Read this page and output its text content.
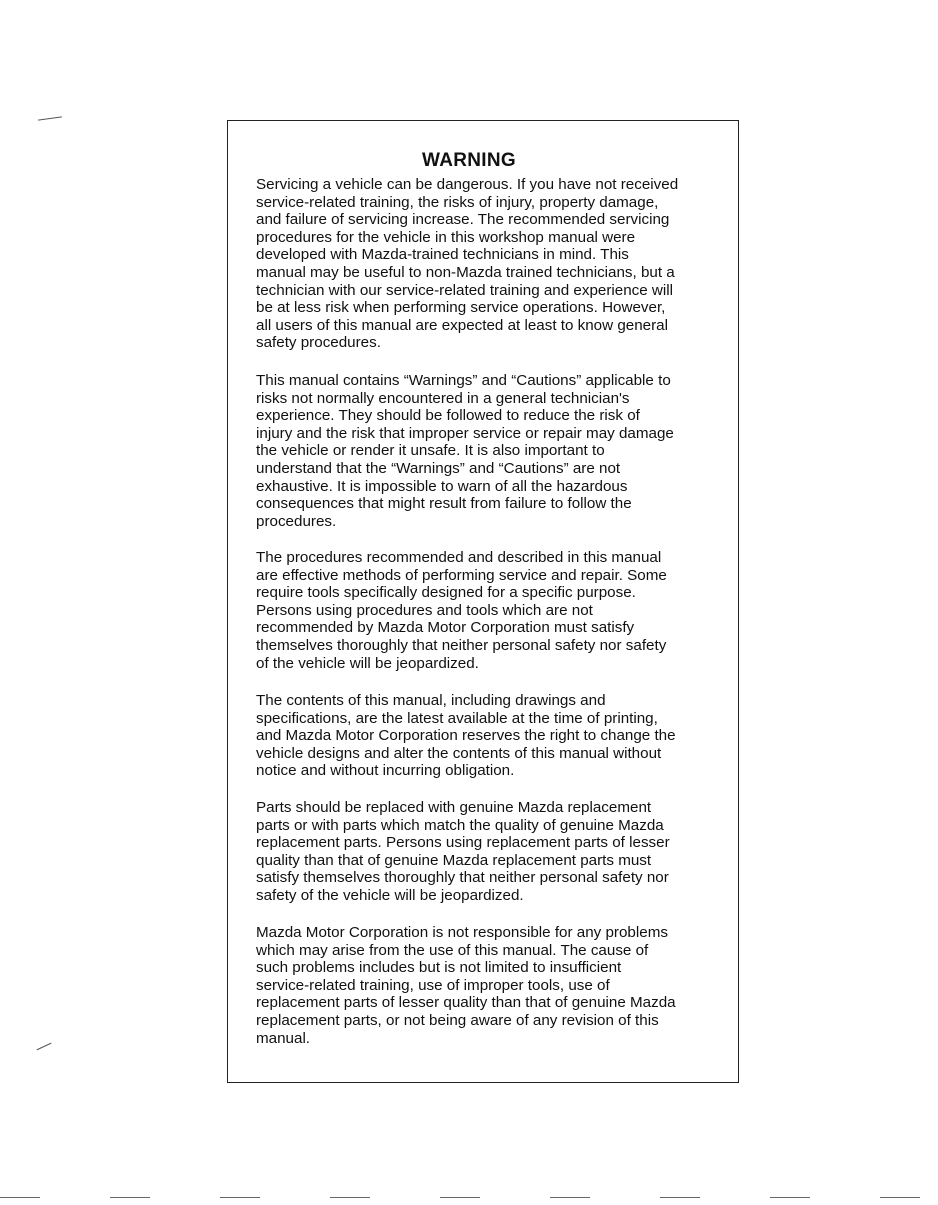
WARNING
Servicing a vehicle can be dangerous. If you have not received
service-related training, the risks of injury, property damage,
and failure of servicing increase. The recommended servicing
procedures for the vehicle in this workshop manual were
developed with Mazda-trained technicians in mind. This
manual may be useful to non-Mazda trained technicians, but a
technician with our service-related training and experience will
be at less risk when performing service operations. However,
all users of this manual are expected at least to know general
safety procedures.
This manual contains “Warnings” and “Cautions” applicable to
risks not normally encountered in a general technician's
experience. They should be followed to reduce the risk of
injury and the risk that improper service or repair may damage
the vehicle or render it unsafe. It is also important to
understand that the “Warnings” and “Cautions” are not
exhaustive. It is impossible to warn of all the hazardous
consequences that might result from failure to follow the
procedures.
The procedures recommended and described in this manual
are effective methods of performing service and repair. Some
require tools specifically designed for a specific purpose.
Persons using procedures and tools which are not
recommended by Mazda Motor Corporation must satisfy
themselves thoroughly that neither personal safety nor safety
of the vehicle will be jeopardized.
The contents of this manual, including drawings and
specifications, are the latest available at the time of printing,
and Mazda Motor Corporation reserves the right to change the
vehicle designs and alter the contents of this manual without
notice and without incurring obligation.
Parts should be replaced with genuine Mazda replacement
parts or with parts which match the quality of genuine Mazda
replacement parts. Persons using replacement parts of lesser
quality than that of genuine Mazda replacement parts must
satisfy themselves thoroughly that neither personal safety nor
safety of the vehicle will be jeopardized.
Mazda Motor Corporation is not responsible for any problems
which may arise from the use of this manual. The cause of
such problems includes but is not limited to insufficient
service-related training, use of improper tools, use of
replacement parts of lesser quality than that of genuine Mazda
replacement parts, or not being aware of any revision of this
manual.
